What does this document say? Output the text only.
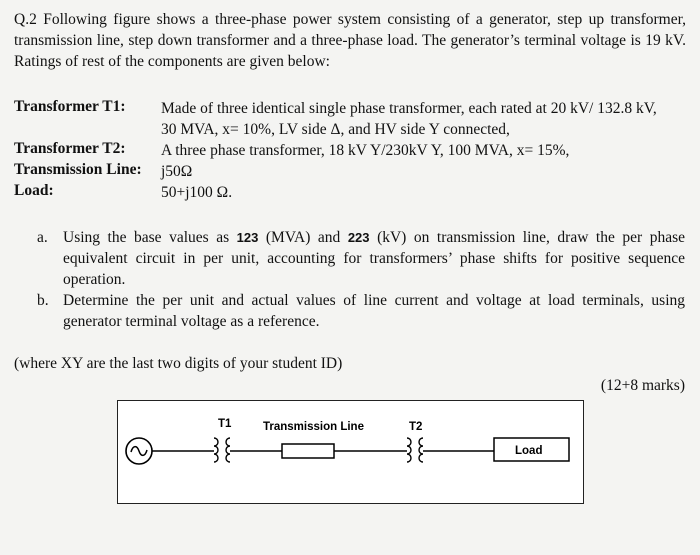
Q.2 Following figure shows a three-phase power system consisting of a generator, step up transformer, transmission line, step down transformer and a three-phase load. The generator’s terminal voltage is 19 kV. Ratings of rest of the components are given below:
Transformer T1: Made of three identical single phase transformer, each rated at 20 kV/ 132.8 kV,
30 MVA, x= 10%, LV side Δ, and HV side Y connected,
Transformer T2: A three phase transformer, 18 kV Y/230kV Y, 100 MVA, x= 15%,
Transmission Line: j50Ω
Load:	50+j100 Ω.
a. Using the base values as 123 (MVA) and 223 (kV) on transmission line, draw the per phase equivalent circuit in per unit, accounting for transformers’ phase shifts for positive sequence operation.
b. Determine the per unit and actual values of line current and voltage at load terminals, using generator terminal voltage as a reference.
(where XY are the last two digits of your student ID)
(12+8 marks)
T1	Transmission Line	T2
Load
